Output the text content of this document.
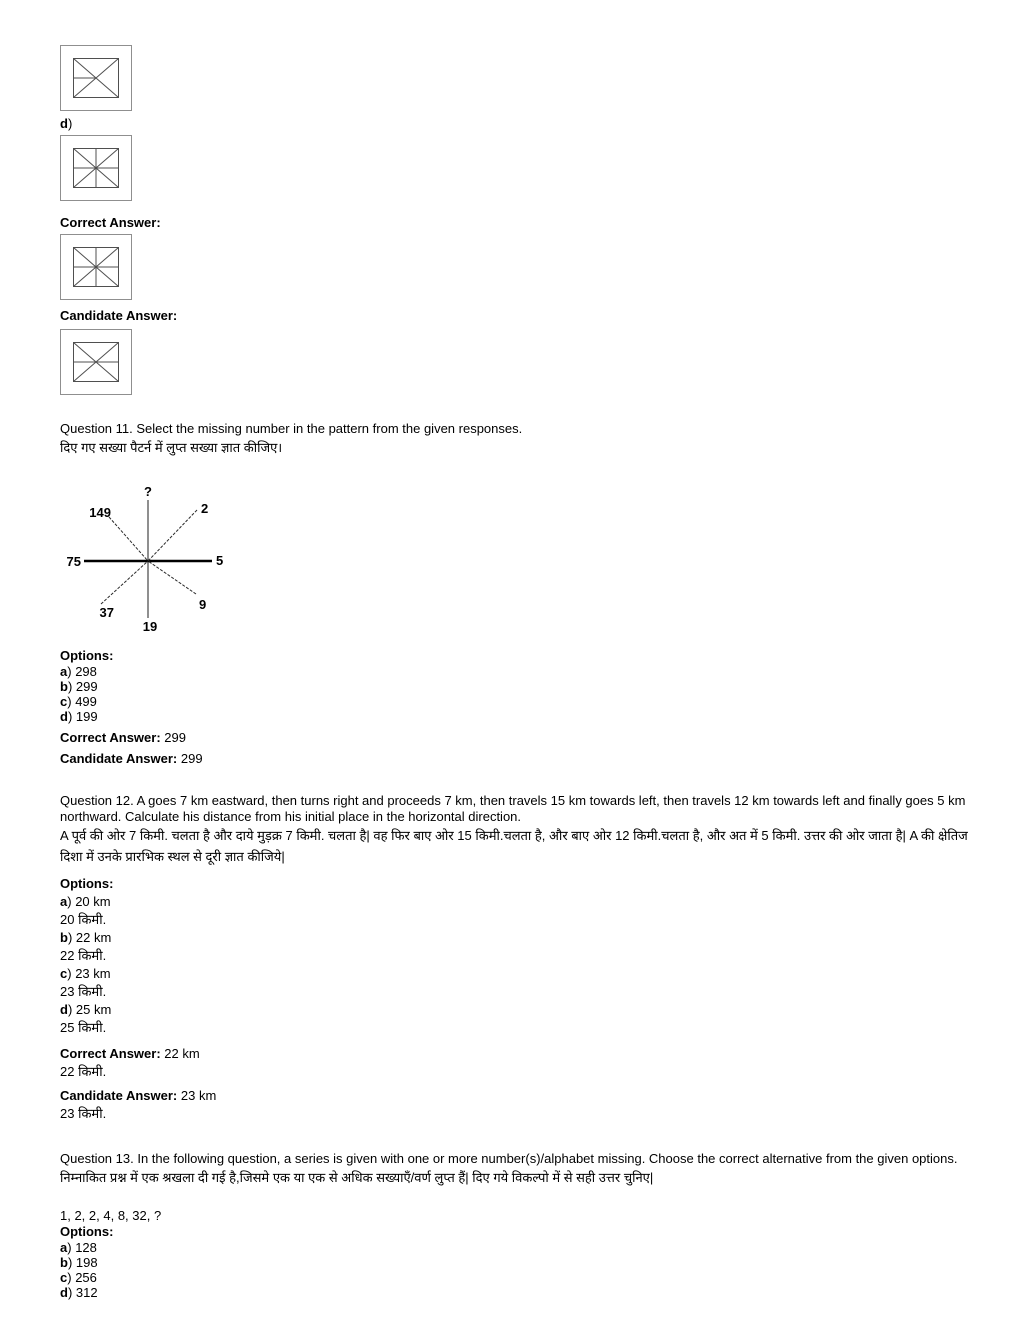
d)
Correct Answer:
Candidate Answer:
Question 11. Select the missing number in the pattern from the given responses.
दिए गए सख्या पैटर्न में लुप्त सख्या ज्ञात कीजिए।
?
149	2
75	5
37
9
19
Options:
a) 298
b) 299
c) 499
d) 199
Correct Answer: 299
Candidate Answer: 299
Question 12. A goes 7 km eastward, then turns right and proceeds 7 km, then travels 15 km towards left, then travels 12 km towards left and finally goes 5 km northward. Calculate his distance from his initial place in the horizontal direction.
A पूर्व की ओर 7 किमी. चलता है और दाये मुड़क्र 7 किमी. चलता है| वह फिर बाए ओर 15 किमी.चलता है, और बाए ओर 12 किमी.चलता है, और अत में 5 किमी. उत्तर की ओर जाता है| A की क्षेतिज दिशा में उनके प्रारभिक स्थल से दूरी ज्ञात कीजिये|
Options:
a) 20 km
20 किमी.
b) 22 km
22 किमी.
c) 23 km
23 किमी.
d) 25 km
25 किमी.
Correct Answer: 22 km
22 किमी.
Candidate Answer: 23 km
23 किमी.
Question 13. In the following question, a series is given with one or more number(s)/alphabet missing. Choose the correct alternative from the given options.
निम्नाकित प्रश्न में एक श्रखला दी गई है,जिसमे एक या एक से अधिक सख्याएँ/वर्ण लुप्त हैं| दिए गये विकल्पो में से सही उत्तर चुनिए|
1, 2, 2, 4, 8, 32, ?
Options:
a) 128
b) 198
c) 256
d) 312
